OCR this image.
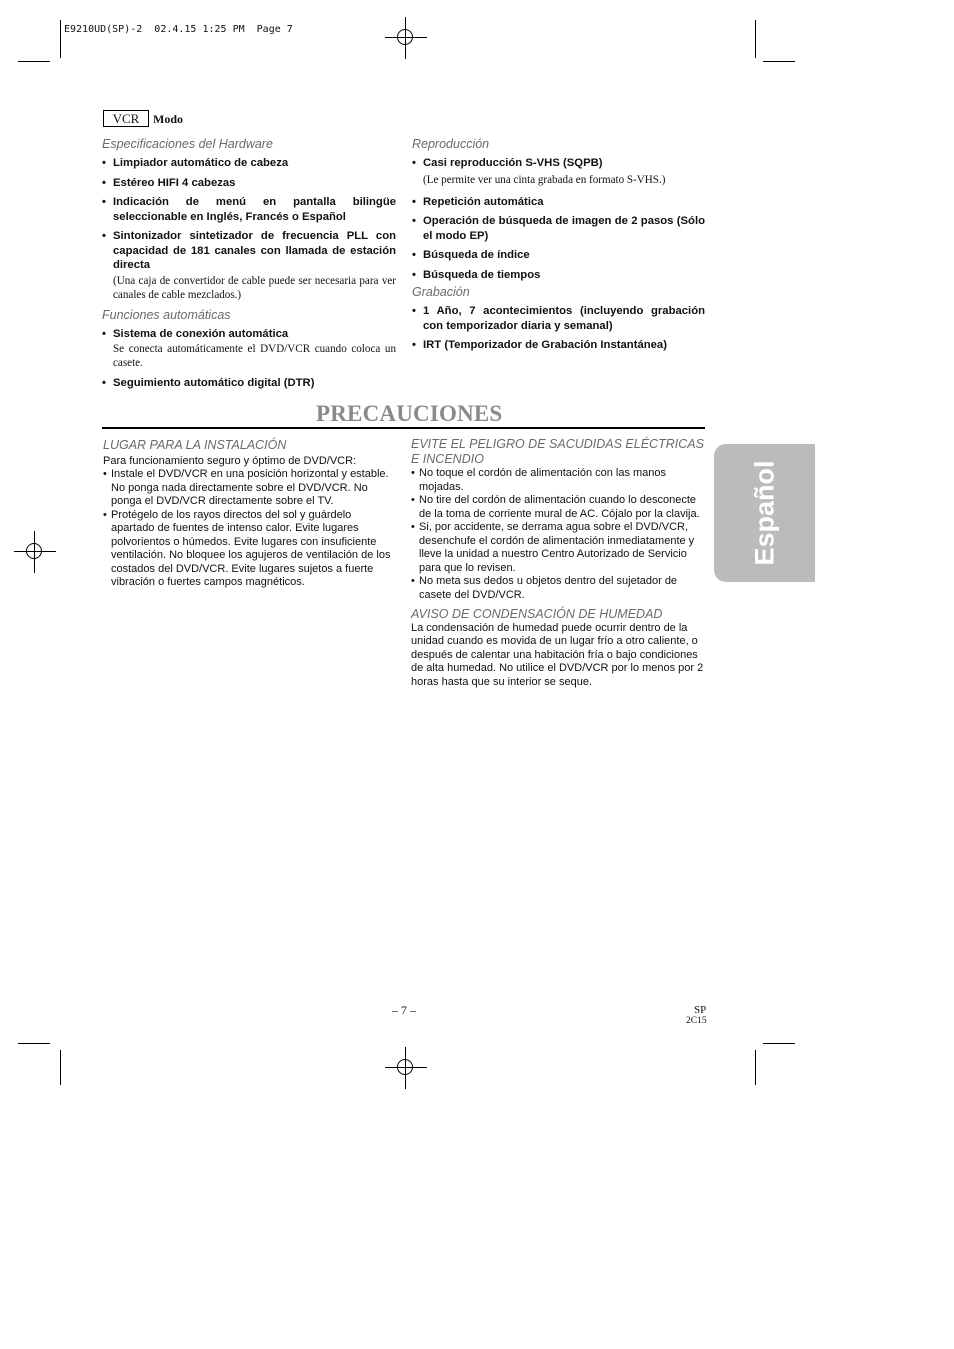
E9210UD(SP)-2  02.4.15 1:25 PM  Page 7
VCR	Modo
Especificaciones del Hardware
• Limpiador automático de cabeza
• Estéreo HIFI 4 cabezas
• Indicación de menú en pantalla bilingüe seleccionable en Inglés, Francés o Español
• Sintonizador sintetizador de frecuencia PLL con capacidad de 181 canales con llamada de estación directa
(Una caja de convertidor de cable puede ser necesaria para ver canales de cable mezclados.)
Funciones automáticas
• Sistema de conexión automática
Se conecta automáticamente el DVD/VCR cuando coloca un casete.
• Seguimiento automático digital (DTR)
Reproducción
• Casi reproducción S-VHS (SQPB)
(Le permite ver una cinta grabada en formato S-VHS.)
• Repetición automática
• Operación de búsqueda de imagen de 2 pasos (Sólo el modo EP)
• Búsqueda de índice
• Búsqueda de tiempos
Grabación
• 1 Año, 7 acontecimientos (incluyendo grabación con temporizador diaria y semanal)
• IRT (Temporizador de Grabación Instantánea)
PRECAUCIONES
LUGAR PARA LA INSTALACIÓN
Para funcionamiento seguro y óptimo de DVD/VCR:
• Instale el DVD/VCR en una posición horizontal y estable. No ponga nada directamente sobre el DVD/VCR. No ponga el DVD/VCR directamente sobre el TV.
• Protégelo de los rayos directos del sol y guárdelo apartado de fuentes de intenso calor. Evite lugares polvorientos o húmedos. Evite lugares con insuficiente ventilación. No bloquee los agujeros de ventilación de los costados del DVD/VCR. Evite lugares sujetos a fuerte vibración o fuertes campos magnéticos.
EVITE EL PELIGRO DE SACUDIDAS ELÉCTRICAS E INCENDIO
• No toque el cordón de alimentación con las manos mojadas.
• No tire del cordón de alimentación cuando lo desconecte de la toma de corriente mural de AC. Cójalo por la clavija.
• Si, por accidente, se derrama agua sobre el DVD/VCR, desenchufe el cordón de alimentación inmediatamente y lleve la unidad a nuestro Centro Autorizado de Servicio para que lo revisen.
• No meta sus dedos u objetos dentro del sujetador de casete del DVD/VCR.
AVISO DE CONDENSACIÓN DE HUMEDAD
La condensación de humedad puede ocurrir dentro de la unidad cuando es movida de un lugar frío a otro caliente, o después de calentar una habitación fría o bajo condiciones de alta humedad. No utilice el DVD/VCR por lo menos por 2 horas hasta que su interior se seque.
Español
– 7 –	SP
2C15
